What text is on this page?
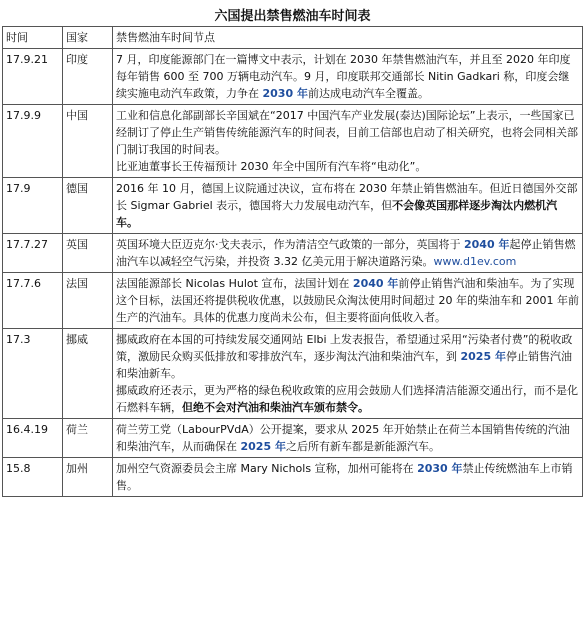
六国提出禁售燃油车时间表
时间	国家	禁售燃油车时间节点
17.9.21	印度	7 月，印度能源部门在一篇博文中表示，计划在 2030 年禁售燃油汽车，并且至 2020 年印度每年销售 600 至 700 万辆电动汽车。9 月，印度联邦交通部长 Nitin Gadkari 称，印度会继续实施电动汽车政策，力争在 2030 年前达成电动汽车全覆盖。
17.9.9	中国	工业和信息化部副部长辛国斌在“2017 中国汽车产业发展(泰达)国际论坛”上表示，一些国家已经制订了停止生产销售传统能源汽车的时间表，目前工信部也启动了相关研究，也将会同相关部门制订我国的时间表。
比亚迪董事长王传福预计 2030 年全中国所有汽车将“电动化”。

17.9	德国	2016 年 10 月，德国上议院通过决议，宣布将在 2030 年禁止销售燃油车。但近日德国外交部长 Sigmar Gabriel 表示，德国将大力发展电动汽车，但不会像英国那样逐步淘汰内燃机汽车。
17.7.27	英国	英国环境大臣迈克尔·戈夫表示，作为清洁空气政策的一部分，英国将于 2040 年起停止销售燃油汽车以减轻空气污染，并投资 3.32 亿美元用于解决道路污染。www.d1ev.com
17.7.6	法国	法国能源部长 Nicolas Hulot 宣布，法国计划在 2040 年前停止销售汽油和柴油车。为了实现这个目标，法国还将提供税收优惠，以鼓励民众淘汰使用时间超过 20 年的柴油车和 2001 年前生产的汽油车。具体的优惠力度尚未公布，但主要将面向低收入者。
17.3	挪威	挪威政府在本国的可持续发展交通网站 Elbi 上发表报告，希望通过采用“污染者付费”的税收政策，激励民众购买低排放和零排放汽车，逐步淘汰汽油和柴油汽车，到 2025 年停止销售汽油和柴油新车。
挪威政府还表示，更为严格的绿色税收政策的应用会鼓励人们选择清洁能源交通出行，而不是化石燃料车辆，但绝不会对汽油和柴油汽车颁布禁令。

16.4.19	荷兰	荷兰劳工党（LabourPVdA）公开提案，要求从 2025 年开始禁止在荷兰本国销售传统的汽油和柴油汽车，从而确保在 2025 年之后所有新车都是新能源汽车。
15.8	加州	加州空气资源委员会主席 Mary Nichols 宣称，加州可能将在 2030 年禁止传统燃油车上市销售。
